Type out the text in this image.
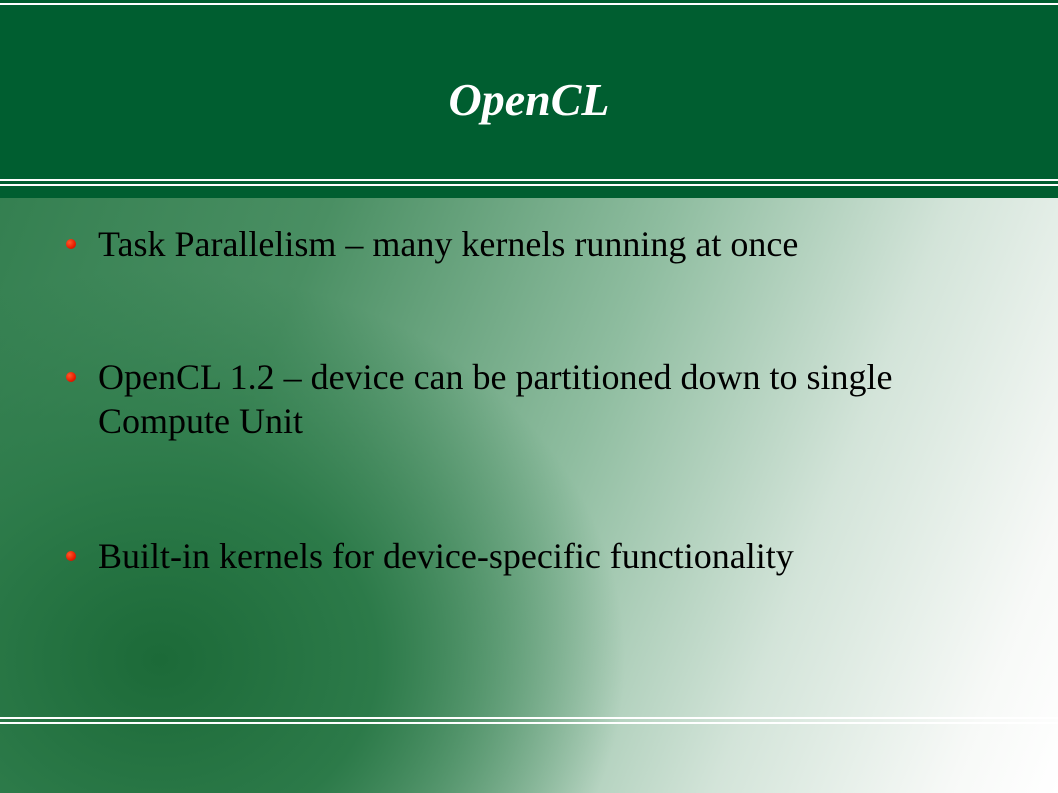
OpenCL
Task Parallelism – many kernels running at once
OpenCL 1.2 – device can be partitioned down to single Compute Unit
Built-in kernels for device-specific functionality
